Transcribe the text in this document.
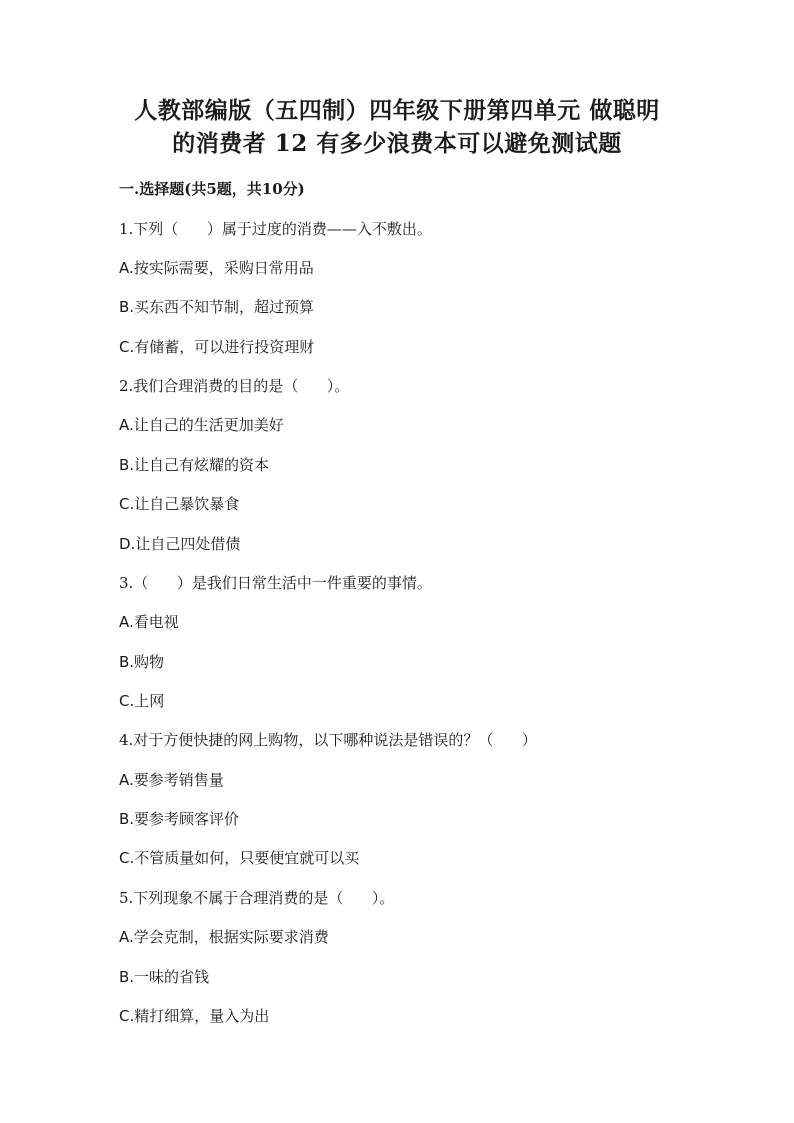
人教部编版（五四制）四年级下册第四单元 做聪明
的消费者 12 有多少浪费本可以避免测试题
一.选择题(共5题，共10分)
1.下列（      ）属于过度的消费——入不敷出。
A.按实际需要，采购日常用品
B.买东西不知节制，超过预算
C.有储蓄，可以进行投资理财
2.我们合理消费的目的是（      ）。
A.让自己的生活更加美好
B.让自己有炫耀的资本
C.让自己暴饮暴食
D.让自己四处借债
3.（      ）是我们日常生活中一件重要的事情。
A.看电视
B.购物
C.上网
4.对于方便快捷的网上购物，以下哪种说法是错误的？（      ）
A.要参考销售量
B.要参考顾客评价
C.不管质量如何，只要便宜就可以买
5.下列现象不属于合理消费的是（      ）。
A.学会克制，根据实际要求消费
B.一味的省钱
C.精打细算，量入为出
